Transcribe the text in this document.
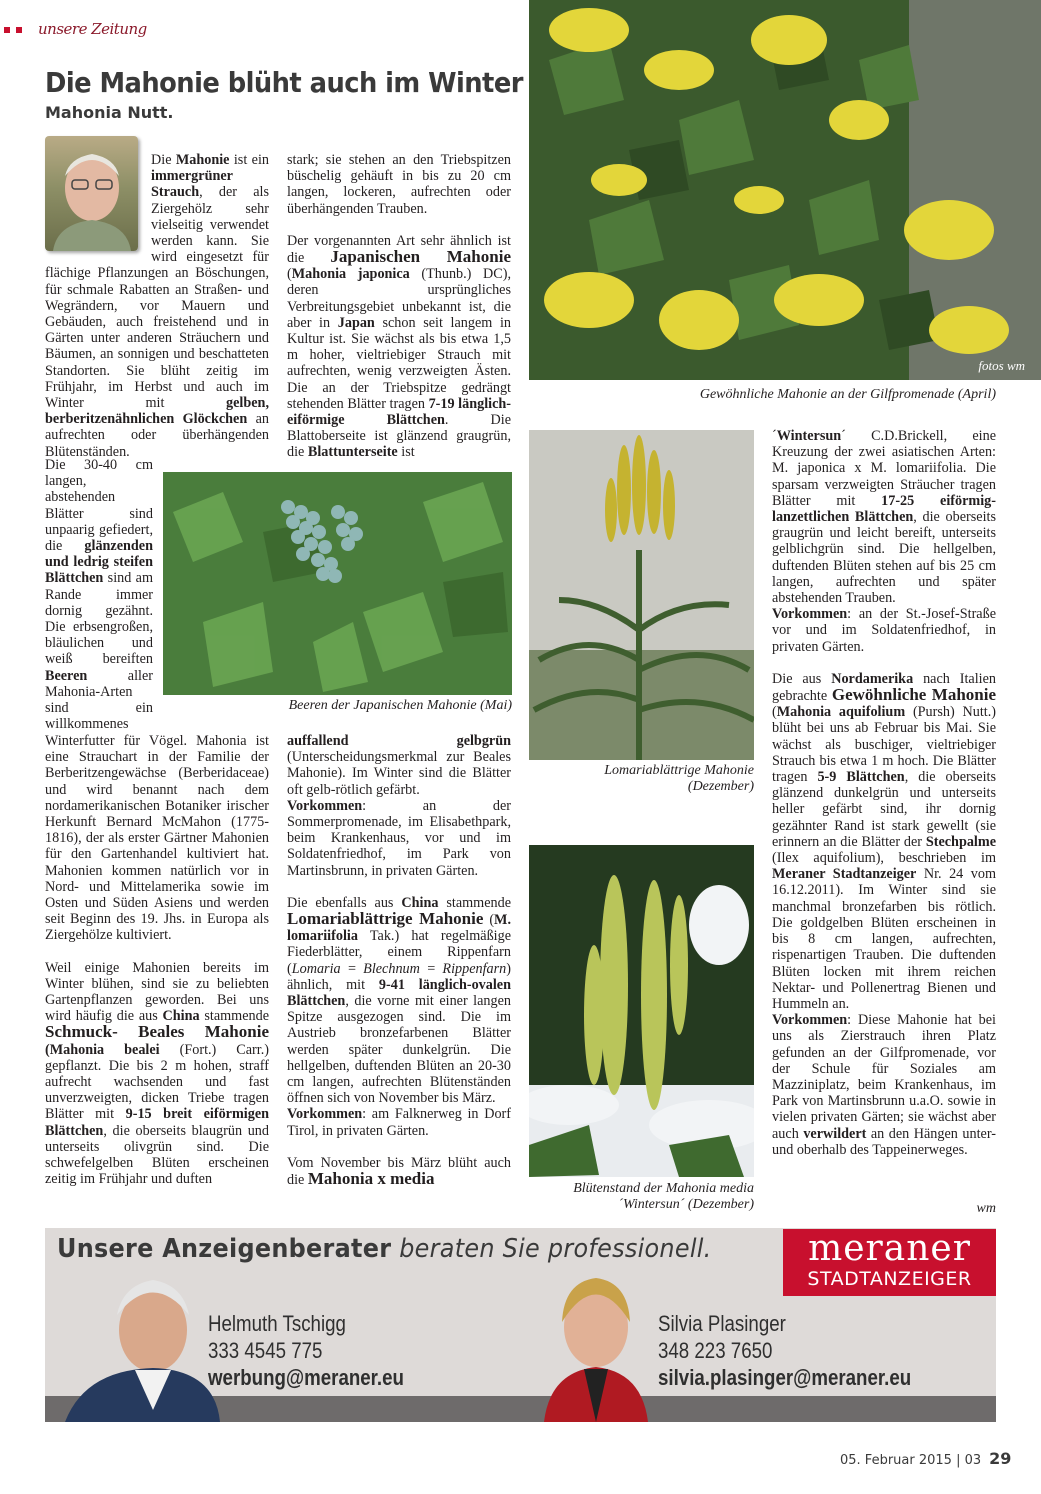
unsere Zeitung
Die Mahonie blüht auch im Winter
Mahonia Nutt.

Die Mahonie ist ein immergrüner Strauch, der als Ziergehölz sehr vielseitig verwendet werden kann. Sie wird eingesetzt für flächige Pflanzungen an Böschungen, für schmale Rabatten an Straßen- und Wegrändern, vor Mauern und Gebäuden, auch freistehend und in Gärten unter anderen Sträuchern und Bäumen, an sonnigen und beschatteten Standorten. Sie blüht zeitig im Frühjahr, im Herbst und auch im Winter mit gelben, berberitzenähnlichen Glöckchen an aufrechten oder überhängenden Blütenständen.

Die 30-40 cm langen, abstehenden Blätter sind unpaarig gefiedert, die glänzenden und ledrig steifen Blättchen sind am Rande immer dornig gezähnt. Die erbsengroßen, bläulichen und weiß bereiften Beeren aller Mahonia-Arten sind ein willkommenes

Winterfutter für Vögel. Mahonia ist eine Strauchart in der Familie der Berberitzengewächse (Berberidaceae) und wird benannt nach dem nordamerikanischen Botaniker irischer Herkunft Bernard McMahon (1775-1816), der als erster Gärtner Mahonien für den Gartenhandel kultiviert hat. Mahonien kommen natürlich vor in Nord- und Mittelamerika sowie im Osten und Süden Asiens und werden seit Beginn des 19. Jhs. in Europa als Ziergehölze kultiviert.

Weil einige Mahonien bereits im Winter blühen, sind sie zu beliebten Gartenpflanzen geworden. Bei uns wird häufig die aus China stammende Schmuck- Beales Mahonie (Mahonia bealei (Fort.) Carr.) gepflanzt. Die bis 2 m hohen, straff aufrecht wachsenden und fast unverzweigten, dicken Triebe tragen Blätter mit 9-15 breit eiförmigen Blättchen, die oberseits blaugrün und unterseits olivgrün sind. Die schwefelgelben Blüten erscheinen zeitig im Frühjahr und duften

stark; sie stehen an den Triebspitzen büschelig gehäuft in bis zu 20 cm langen, lockeren, aufrechten oder überhängenden Trauben.

Der vorgenannten Art sehr ähnlich ist die Japanischen Mahonie (Mahonia japonica (Thunb.) DC), deren ursprüngliches Verbreitungsgebiet unbekannt ist, die aber in Japan schon seit langem in Kultur ist. Sie wächst als bis etwa 1,5 m hoher, vieltriebiger Strauch mit aufrechten, wenig verzweigten Ästen. Die an der Triebspitze gedrängt stehenden Blätter tragen 7-19 länglich-eiförmige Blättchen. Die Blattoberseite ist glänzend graugrün, die Blattunterseite ist

Beeren der Japanischen Mahonie (Mai)

auffallend gelbgrün (Unterscheidungsmerkmal zur Beales Mahonie). Im Winter sind die Blätter oft gelb-rötlich gefärbt.
Vorkommen: an der Sommerpromenade, im Elisabethpark, beim Krankenhaus, vor und im Soldatenfriedhof, im Park von Martinsbrunn, in privaten Gärten.

Die ebenfalls aus China stammende Lomariablättrige Mahonie (M. lomariifolia Tak.) hat regelmäßige Fiederblätter, einem Rippenfarn (Lomaria = Blechnum = Rippenfarn) ähnlich, mit 9-41 länglich-ovalen Blättchen, die vorne mit einer langen Spitze ausgezogen sind. Die im Austrieb bronzefarbenen Blätter werden später dunkelgrün. Die hellgelben, duftenden Blüten an 20-30 cm langen, aufrechten Blütenständen öffnen sich von November bis März.
Vorkommen: am Falknerweg in Dorf Tirol, in privaten Gärten.

Vom November bis März blüht auch die Mahonia x media

fotos wm
Gewöhnliche Mahonie an der Gilfpromenade (April)
Lomariablättrige Mahonie
(Dezember)
Blütenstand der Mahonia media
´Wintersun´ (Dezember)

´Wintersun´ C.D.Brickell, eine Kreuzung der zwei asiatischen Arten: M. japonica x M. lomariifolia. Die sparsam verzweigten Sträucher tragen Blätter mit 17-25 eiförmig-lanzettlichen Blättchen, die oberseits graugrün und leicht bereift, unterseits gelblichgrün sind. Die hellgelben, duftenden Blüten stehen auf bis 25 cm langen, aufrechten und später abstehenden Trauben.
Vorkommen: an der St.-Josef-Straße vor und im Soldatenfriedhof, in privaten Gärten.

Die aus Nordamerika nach Italien gebrachte Gewöhnliche Mahonie (Mahonia aquifolium (Pursh) Nutt.) blüht bei uns ab Februar bis Mai. Sie wächst als buschiger, vieltriebiger Strauch bis etwa 1 m hoch. Die Blätter tragen 5-9 Blättchen, die oberseits glänzend dunkelgrün und unterseits heller gefärbt sind, ihr dornig gezähnter Rand ist stark gewellt (sie erinnern an die Blätter der Stechpalme (Ilex aquifolium), beschrieben im Meraner Stadtanzeiger Nr. 24 vom 16.12.2011). Im Winter sind sie manchmal bronzefarben bis rötlich. Die goldgelben Blüten erscheinen in bis 8 cm langen, aufrechten, rispenartigen Trauben. Die duftenden Blüten locken mit ihrem reichen Nektar- und Pollenertrag Bienen und Hummeln an.
Vorkommen: Diese Mahonie hat bei uns als Zierstrauch ihren Platz gefunden an der Gilfpromenade, vor der Schule für Soziales am Mazziniplatz, beim Krankenhaus, im Park von Martinsbrunn u.a.O. sowie in vielen privaten Gärten; sie wächst aber auch verwildert an den Hängen unter- und oberhalb des Tappeinerweges.

wm
Unsere Anzeigenberater beraten Sie professionell.	meraner
STADTANZEIGER
Helmuth Tschigg
333 4545 775
werbung@meraner.eu
Silvia Plasinger
348 223 7650
silvia.plasinger@meraner.eu
05. Februar 2015 | 03 29
